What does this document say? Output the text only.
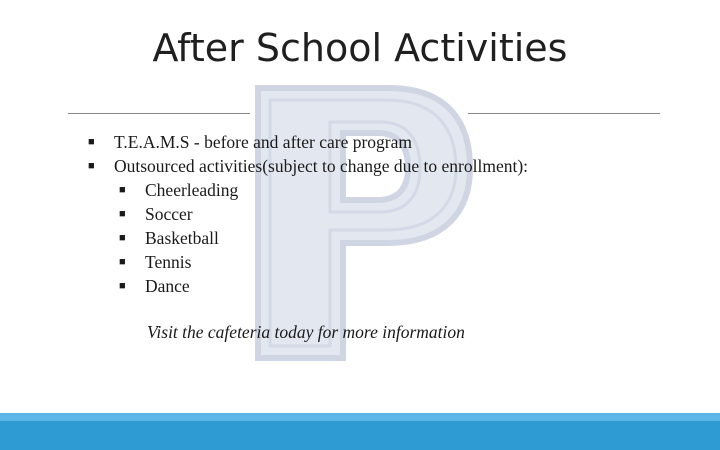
After School Activities
■ T.E.A.M.S - before and after care program
■ Outsourced activities(subject to change due to enrollment):
■ Cheerleading
■ Soccer
■ Basketball
■ Tennis
■ Dance
Visit the cafeteria today for more information
